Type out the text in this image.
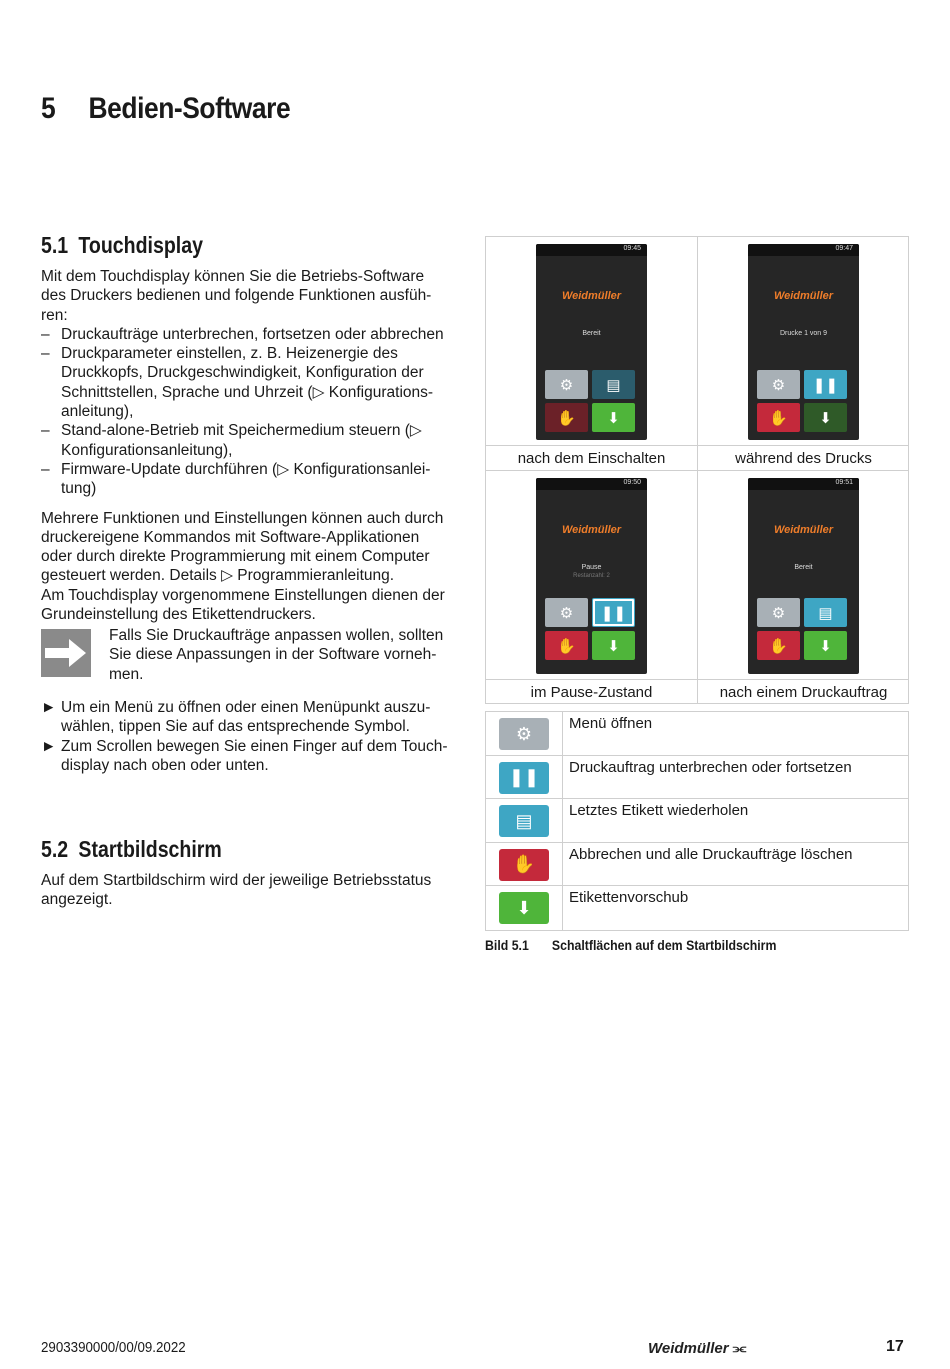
5 Bedien-Software
5.1 Touchdisplay
Mit dem Touchdisplay können Sie die Betriebs-Software
des Druckers bedienen und folgende Funktionen ausfüh-
ren:
– Druckaufträge unterbrechen, fortsetzen oder abbrechen
– Druckparameter einstellen, z. B. Heizenergie des
Druckkopfs, Druckgeschwindigkeit, Konfiguration der
Schnittstellen, Sprache und Uhrzeit (▷ Konfigurations-
anleitung),
– Stand-alone-Betrieb mit Speichermedium steuern (▷
Konfigurationsanleitung),
– Firmware-Update durchführen (▷ Konfigurationsanlei-
tung)
Mehrere Funktionen und Einstellungen können auch durch
druckereigene Kommandos mit Software-Applikationen
oder durch direkte Programmierung mit einem Computer
gesteuert werden. Details ▷ Programmieranleitung.
Am Touchdisplay vorgenommene Einstellungen dienen der
Grundeinstellung des Etikettendruckers.
Falls Sie Druckaufträge anpassen wollen, sollten
Sie diese Anpassungen in der Software vorneh-
men.
► Um ein Menü zu öffnen oder einen Menüpunkt auszu-
wählen, tippen Sie auf das entsprechende Symbol.
► Zum Scrollen bewegen Sie einen Finger auf dem Touch-
display nach oben oder unten.
5.2 Startbildschirm
Auf dem Startbildschirm wird der jeweilige Betriebsstatus
angezeigt.
09:45
Weidmüller
Bereit
⚙	▤
✋	⬇
nach dem Einschalten
09:47
Weidmüller
Drucke 1 von 9
⚙	❚❚
✋	⬇
während des Drucks
09:50
Weidmüller
Pause
Restanzahl: 2
⚙	❚❚
✋	⬇
im Pause-Zustand
09:51
Weidmüller
Bereit
⚙	▤
✋	⬇
nach einem Druckauftrag
⚙	Menü öffnen
❚❚	Druckauftrag unterbrechen oder fortsetzen
▤	Letztes Etikett wiederholen
✋	Abbrechen und alle Druckaufträge löschen
⬇	Etikettenvorschub
Bild 5.1 Schaltflächen auf dem Startbildschirm
2903390000/00/09.2022	Weidmüller ⫘	17
